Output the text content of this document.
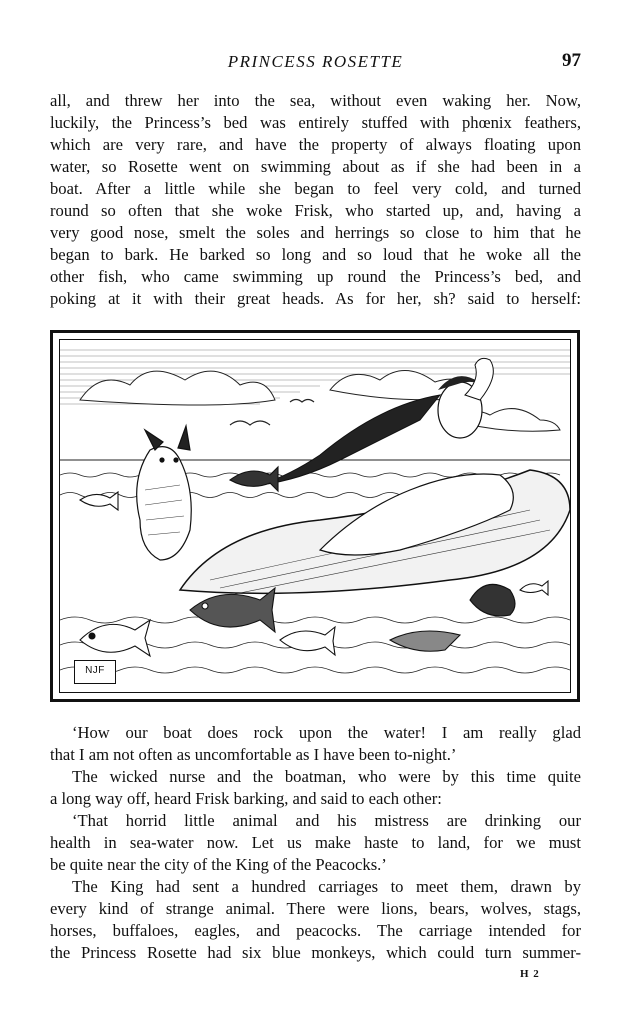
PRINCESS ROSETTE	97
all, and threw her into the sea, without even waking her. Now,
luckily, the Princess’s bed was entirely stuffed with phœnix feathers,
which are very rare, and have the property of always floating upon
water, so Rosette went on swimming about as if she had been in a
boat. After a little while she began to feel very cold, and turned
round so often that she woke Frisk, who started up, and, having a
very good nose, smelt the soles and herrings so close to him that he
began to bark. He barked so long and so loud that he woke all the
other fish, who came swimming up round the Princess’s bed, and
poking at it with their great heads. As for her, sh? said to herself:
NJF
‘How our boat does rock upon the water! I am really glad
that I am not often as uncomfortable as I have been to-night.’
The wicked nurse and the boatman, who were by this time quite
a long way off, heard Frisk barking, and said to each other:
‘That horrid little animal and his mistress are drinking our
health in sea-water now. Let us make haste to land, for we must
be quite near the city of the King of the Peacocks.’
The King had sent a hundred carriages to meet them, drawn by
every kind of strange animal. There were lions, bears, wolves, stags,
horses, buffaloes, eagles, and peacocks. The carriage intended for
the Princess Rosette had six blue monkeys, which could turn summer-
H 2
